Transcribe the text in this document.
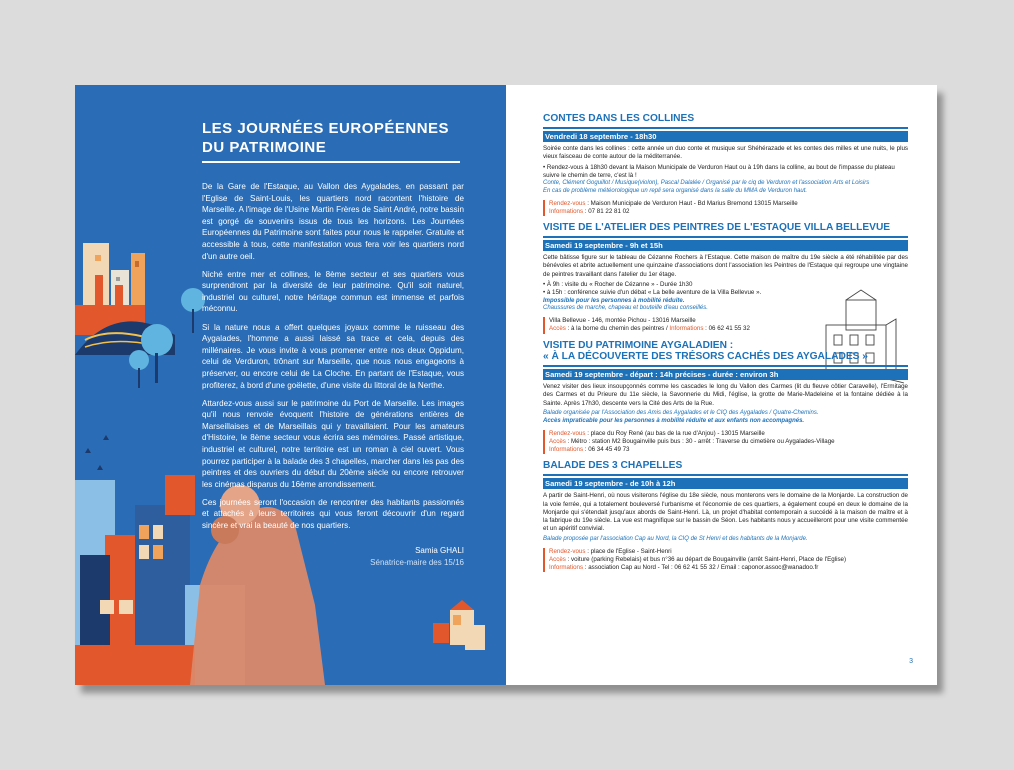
LES JOURNÉES EUROPÉENNES
DU PATRIMOINE

De la Gare de l'Estaque, au Vallon des Aygalades, en passant par l'Eglise de Saint-Louis, les quartiers nord racontent l'histoire de Marseille. A l'image de l'Usine Martin Frères de Saint André, notre bassin est gorgé de souvenirs issus de tous les horizons. Les Journées Européennes du Patrimoine sont faites pour nous le rappeler. Gratuite et accessible à tous, cette manifestation vous fera voir les quartiers nord d'un autre oeil.

Niché entre mer et collines, le 8ème secteur et ses quartiers vous surprendront par la diversité de leur patrimoine. Qu'il soit naturel, industriel ou culturel, notre héritage commun est immense et parfois méconnu.

Si la nature nous a offert quelques joyaux comme le ruisseau des Aygalades, l'homme a aussi laissé sa trace et cela, depuis des millénaires. Je vous invite à vous promener entre nos deux Oppidum, celui de Verduron, trônant sur Marseille, que nous nous engageons à préserver, ou encore celui de La Cloche. En partant de l'Estaque, vous profiterez, à bord d'une goëlette, d'une visite du littoral de la Nerthe.

Attardez-vous aussi sur le patrimoine du Port de Marseille. Les images qu'il nous renvoie évoquent l'histoire de générations entières de Marseillaises et de Marseillais qui y travaillaient. Pour les amateurs d'Histoire, le 8ème secteur vous écrira ses mémoires. Passé artistique, industriel et culturel, notre territoire est un roman à ciel ouvert. Vous pourrez participer à la balade des 3 chapelles, marcher dans les pas des peintres et des ouvriers du début du 20ème siècle ou encore retrouver les cinémas disparus du 16ème arrondissement.

Ces journées seront l'occasion de rencontrer des habitants passionnés et attachés à leurs territoires qui vous feront découvrir d'un regard sincère et vrai la beauté de nos quartiers.

Samia GHALI
Sénatrice-maire des 15/16
CONTES DANS LES COLLINES
Vendredi 18 septembre - 18h30

Soirée conte dans les collines : cette année un duo conte et musique sur Shéhérazade et les contes des milles et une nuits, le plus vieux faisceau de conte autour de la méditerranée.

• Rendez-vous à 18h30 devant la Maison Municipale de Verduron Haut ou à 19h dans la colline, au bout de l'impasse du plateau suivre le chemin de terre, c'est là !

Conte, Clément Goguillot / Musique(violon), Pascal Dalalée / Organisé par le ciq de Verduron et l'association Arts et Loisirs

En cas de problème météorologique un repli sera organisé dans la salle du MMA de Verduron haut.

Rendez-vous : Maison Municipale de Verduron Haut - Bd Marius Bremond 13015 Marseille
Informations : 07 81 22 81 02
VISITE DE L'ATELIER DES PEINTRES DE L'ESTAQUE VILLA BELLEVUE
Samedi 19 septembre - 9h et 15h

Cette bâtisse figure sur le tableau de Cézanne Rochers à l'Estaque. Cette maison de maître du 19e siècle a été réhabilitée par des bénévoles et abrite actuellement une quinzaine d'associations dont l'association les Peintres de l'Estaque qui regroupe une vingtaine de peintres travaillant dans l'atelier du 1er étage.

• À 9h : visite du « Rocher de Cézanne » - Durée 1h30

• à 15h : conférence suivie d'un débat « La belle aventure de la Villa Bellevue ».

Impossible pour les personnes à mobilité réduite.

Chaussures de marche, chapeau et bouteille d'eau conseillés.

Villa Bellevue - 146, montée Pichou - 13016 Marseille
Accès : à la borne du chemin des peintres / Informations : 06 62 41 55 32
VISITE DU PATRIMOINE AYGALADIEN :
« À LA DÉCOUVERTE DES TRÉSORS CACHÉS DES AYGALADES »
Samedi 19 septembre - départ : 14h précises - durée : environ 3h

Venez visiter des lieux insoupçonnés comme les cascades le long du Vallon des Carmes (lit du fleuve côtier Caravelle), l'Ermitage des Carmes et du Prieure du 11e siècle, la Savonnerie du Midi, l'église, la grotte de Marie-Madeleine et la fontaine dédiée à la Sainte. Après 17h30, descente vers la Cité des Arts de la Rue.

Balade organisée par l'Association des Amis des Aygalades et le CIQ des Aygalades / Quatre-Chemins.

Accès impraticable pour les personnes à mobilité réduite et aux enfants non accompagnés.

Rendez-vous : place du Roy René (au bas de la rue d'Anjou) - 13015 Marseille
Accès : Métro : station M2 Bougainville puis bus : 30 - arrêt : Traverse du cimetière ou Aygalades-Village
Informations : 06 34 45 49 73
BALADE DES 3 CHAPELLES
Samedi 19 septembre - de 10h à 12h

A partir de Saint-Henri, où nous visiterons l'église du 18e siècle, nous monterons vers le domaine de la Monjarde. La construction de la voie ferrée, qui a totalement bouleversé l'urbanisme et l'économie de ces quartiers, a également coupé en deux le domaine de la Monjarde qui s'étendait jusqu'aux abords de Saint-Henri. Là, un projet d'habitat contemporain a succédé à la maison de maître et à la fabrique du 19e siècle. La vue est magnifique sur le bassin de Séon. Les habitants nous y accueilleront pour une visite commentée et un apéritif convivial.

Balade proposée par l'association Cap au Nord, la CIQ de St Henri et des habitants de la Monjarde.

Rendez-vous : place de l'Eglise - Saint-Henri
Accès : voiture (parking Rebelais) et bus n°36 au départ de Bougainville (arrêt Saint-Henri, Place de l'Eglise)
Informations : association Cap au Nord - Tel : 06 62 41 55 32 / Email : caponor.assoc@wanadoo.fr
3
